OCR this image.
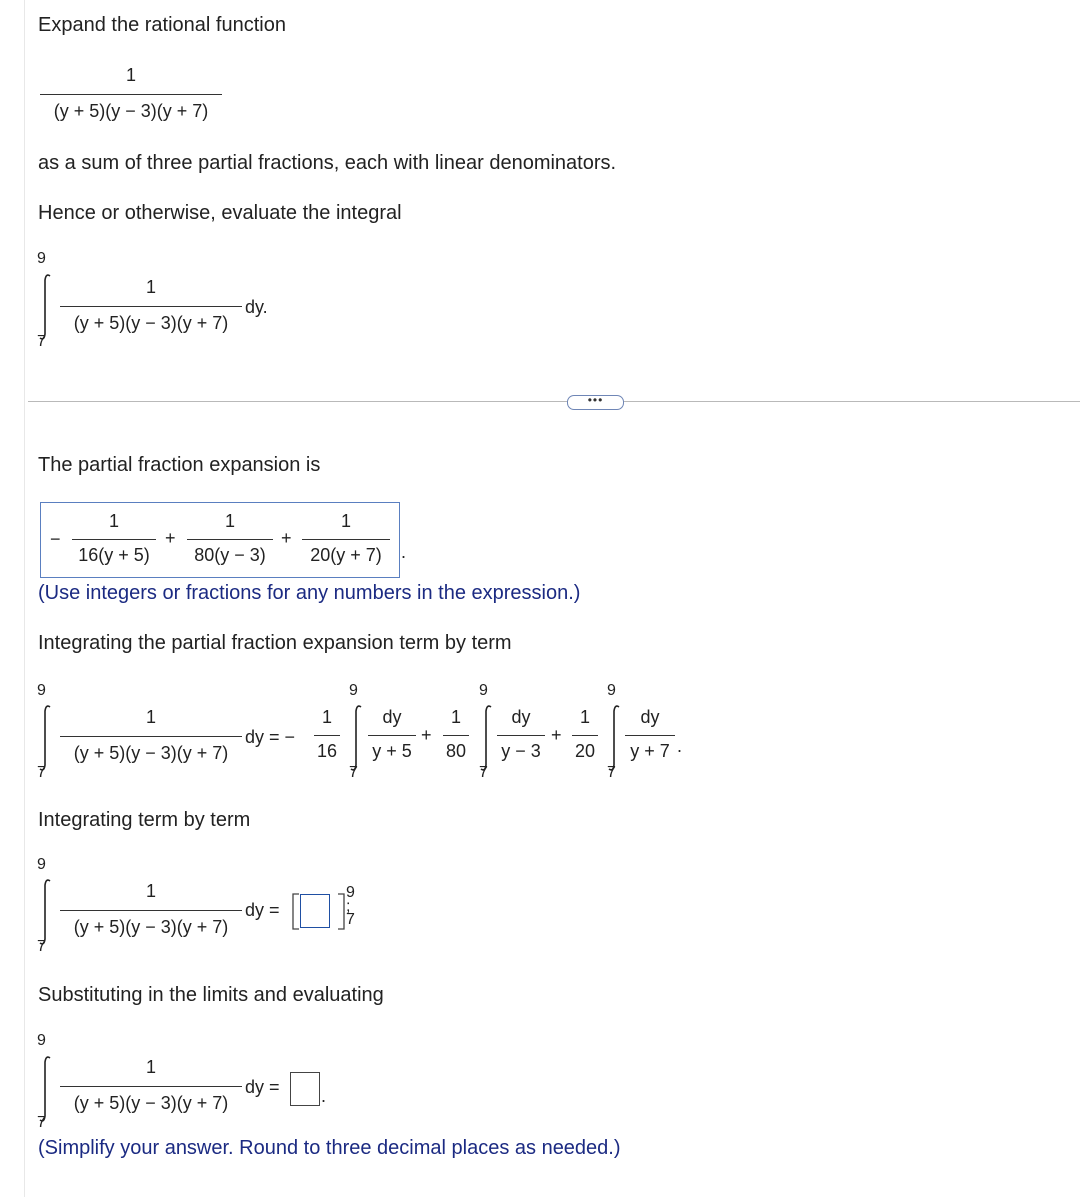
Expand the rational function
1
(y + 5)(y − 3)(y + 7)
as a sum of three partial fractions, each with linear denominators.
Hence or otherwise, evaluate the integral
9
7
1
(y + 5)(y − 3)(y + 7)
dy.
•••
The partial fraction expansion is
−
1
16(y + 5)
+
1
80(y − 3)
+
1
20(y + 7)	.
(Use integers or fractions for any numbers in the expression.)
Integrating the partial fraction expansion term by term
9
7
1
(y + 5)(y − 3)(y + 7)
dy = −
1
16
9
7
dy
y + 5
+
1
80
9
7
dy
y − 3
+
1
20
9
7
dy
y + 7 .
Integrating term by term
9
7
1
(y + 5)(y − 3)(y + 7)
dy =
9
7
;
Substituting in the limits and evaluating
9
7
1
(y + 5)(y − 3)(y + 7)
dy = .
(Simplify your answer. Round to three decimal places as needed.)
